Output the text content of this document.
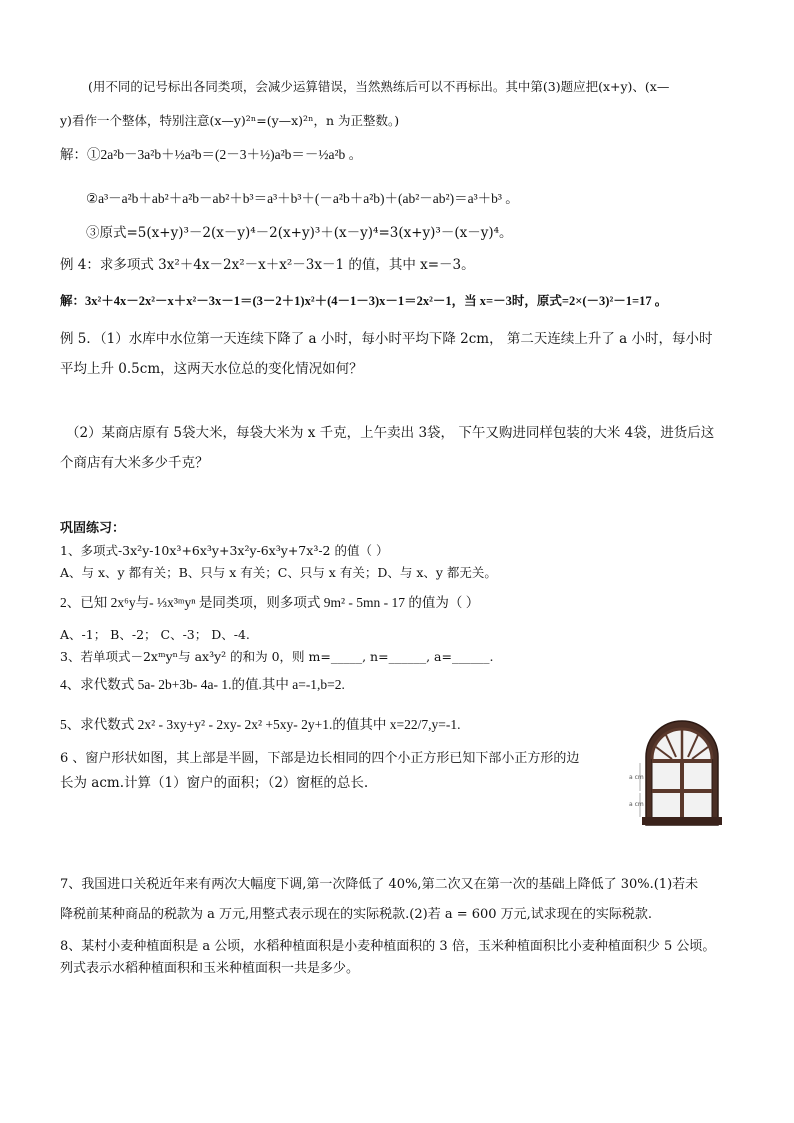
(用不同的记号标出各同类项，会减少运算错误，当然熟练后可以不再标出。其中第(3)题应把(x+y)、(x—
y)看作一个整体，特别注意(x—y)²ⁿ=(y—x)²ⁿ，n 为正整数。)
解：①2a²b－3a²b＋½a²b＝(2－3＋½)a²b＝－½a²b 。
②a³－a²b＋ab²＋a²b－ab²＋b³＝a³＋b³＋(－a²b＋a²b)＋(ab²－ab²)＝a³＋b³ 。
③原式=5(x+y)³－2(x－y)⁴－2(x+y)³＋(x－y)⁴=3(x+y)³－(x－y)⁴。
例 4：求多项式 3x²＋4x－2x²－x＋x²－3x－1 的值，其中 x=－3。
解：3x²＋4x－2x²－x＋x²－3x－1＝(3－2＋1)x²＋(4－1－3)x－1＝2x²－1，当 x=－3时，原式=2×(－3)²－1=17 。
例 5．（1）水库中水位第一天连续下降了 a 小时，每小时平均下降 2cm， 第二天连续上升了 a 小时，每小时
平均上升 0.5cm，这两天水位总的变化情况如何？
（2）某商店原有 5袋大米，每袋大米为 x 千克，上午卖出 3袋， 下午又购进同样包装的大米 4袋，进货后这
个商店有大米多少千克？
巩固练习：
1、多项式-3x²y-10x³+6x³y+3x²y-6x³y+7x³-2 的值（ ）
A、与 x、y 都有关；B、只与 x 有关；C、只与 x 有关；D、与 x、y 都无关。
2、已知 2x⁶y与- ⅓x³ᵐyⁿ 是同类项，则多项式 9m² - 5mn - 17 的值为（ ）
A、-1； B、-2； C、-3； D、-4.
3、若单项式－2xᵐyⁿ与 ax³y² 的和为 0，则 m=_____, n=______, a=______.
4、求代数式 5a- 2b+3b- 4a- 1.的值.其中 a=-1,b=2.
5、求代数式 2x² - 3xy+y² - 2xy- 2x² +5xy- 2y+1.的值其中 x=22/7,y=-1.
6 、窗户形状如图，其上部是半圆，下部是边长相同的四个小正方形已知下部小正方形的边
长为 acm.计算（1）窗户的面积；（2）窗框的总长.
7、我国进口关税近年来有两次大幅度下调,第一次降低了 40%,第二次又在第一次的基础上降低了 30%.(1)若未
降税前某种商品的税款为 a 万元,用整式表示现在的实际税款.(2)若 a = 600 万元,试求现在的实际税款.
8、某村小麦种植面积是 a 公顷，水稻种植面积是小麦种植面积的 3 倍，玉米种植面积比小麦种植面积少 5 公顷。
列式表示水稻种植面积和玉米种植面积一共是多少。
a cm
a cm
